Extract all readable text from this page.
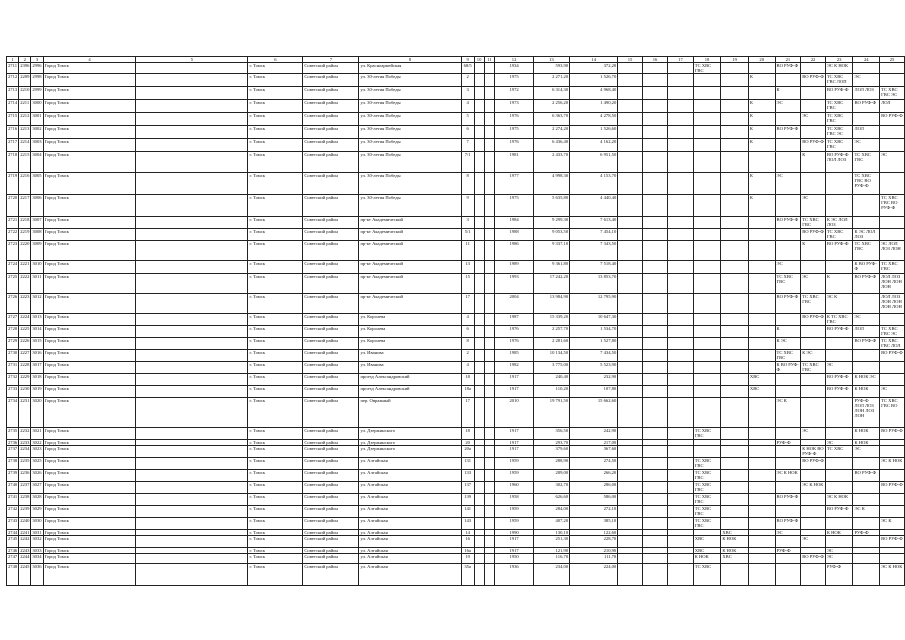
1	2	3	4	5	6	7	8	9	10	11	12	13	14	15	16	17	18	19	20	21	22	23	24	25
2711	2396	2996	Город Томск		г. Томск	Советский район	ул. Красноармейская	68/5			1934	593,90	372,20				ТС ХВС ГВС			ВО РУФ-Ф		ЭС К НОК		
2712	2209	2998	Город Томск		г. Томск	Советский район	ул. 30-летия Победы	2			1975	2 271,20	1 526,70						К		ВО РУФ-Ф	ТС ХВС ГВС ЛОП	ЭС	
2713	2210	2999	Город Томск		г. Томск	Советский район	ул. 30-летия Победы	3			1972	6 314,30	4 968,40							К		ВО РУФ-Ф	ЛОЛ ЛОЗ	ТС ХВС ГВС ЭС
2714	2211	3000	Город Томск		г. Томск	Советский район	ул. 30-летия Победы	4			1973	2 256,20	1 490,20						К	ЭС		ТС ХВС ГВС	ВО РУФ-Ф	ЛОЛ
2715	2212	3001	Город Томск		г. Томск	Советский район	ул. 30-летия Победы	5			1976	6 363,70	4 278,50						К		ЭС	ТС ХВС ГВС		ВО РУФ-Ф
2716	2213	3002	Город Томск		г. Томск	Советский район	ул. 30-летия Победы	6			1975	2 274,20	1 526,60						К	ВО РУФ-Ф		ТС ХВС ГВС ЭС	ЛОЛ	
2717	2214	3003	Город Томск		г. Томск	Советский район	ул. 30-летия Победы	7			1976	6 436,40	4 162,20						К		ВО РУФ-Ф	ТС ХВС ГВС	ЭС	
2718	2215	3004	Город Томск		г. Томск	Советский район	ул. 30-летия Победы	7/1			1981	2 433,70	6 951,50								К	ВО РУФ-Ф ЛОЛ ЛОЗ	ТС ХВС ГВС	ЭС
2719	2216	3005	Город Томск		г. Томск	Советский район	ул. 30-летия Победы	8			1977	4 998,30	4 153,70						К	ЭС			ТС ХВС ГВС ВО РУФ-Ф	
2720	2217	3006	Город Томск		г. Томск	Советский район	ул. 30-летия Победы	9			1975	5 635,80	4 440,40						К		ЭС			ТС ХВС ГВС ВО РУФ-Ф
2721	2218	3007	Город Томск		г. Томск	Советский район	пр-кт Академический	3			1984	9 299,30	7 613,40							ВО РУФ-Ф	ТС ХВС ГВС	К ЭС ЛОЛ ЛОЗ		
2722	2219	3008	Город Томск		г. Томск	Советский район	пр-кт Академический	5/1			1988	9 053,50	7 454,10								ВО РУФ-Ф	ТС ХВС ГВС	К ЭС ЛОЛ ЛОЗ	
2723	2220	3009	Город Томск		г. Томск	Советский район	пр-кт Академический	11			1986	9 337,10	7 343,50								К	ВО РУФ-Ф	ТС ХВС ГВС	ЭС ЛОЛ ЛОЗ ЛОН
2724	2221	3010	Город Томск		г. Томск	Советский район	пр-кт Академический	13			1989	9 361,80	7 518,40							ЭС			К ВО РУФ-Ф	ТС ХВС ГВС
2725	2222	3011	Город Томск		г. Томск	Советский район	пр-кт Академический	15			1993	17 242,20	13 853,70							ТС ХВС ГВС	ЭС	К	ВО РУФ-Ф	ЛОЛ ЛОЗ ЛОН ЛОН ЛОН
2726	2223	3012	Город Томск		г. Томск	Советский район	пр-кт Академический	17			2004	13 984,90	12 795,90							ВО РУФ-Ф	ТС ХВС ГВС	ЭС К		ЛОЛ ЛОЗ ЛОН ЛОН ЛОН ЛОН
2727	2224	3013	Город Томск		г. Томск	Советский район	ул. Королева	4			1987	15 339,20	10 647,30								ВО РУФ-Ф	К ТС ХВС ГВС	ЭС	
2728	2225	3014	Город Томск		г. Томск	Советский район	ул. Королева	6			1976	2 257,70	1 534,70							К		ВО РУФ-Ф	ЛОЛ	ТС ХВС ГВС ЭС
2729	2226	3015	Город Томск		г. Томск	Советский район	ул. Королева	8			1976	2 281,60	1 527,80							К ЭС			ВО РУФ-Ф	ТС ХВС ГВС ЛОЛ
2730	2227	3016	Город Томск		г. Томск	Советский район	ул. Иванова	2			1985	10 134,50	7 434,50							ТС ХВС ГВС	К ЭС			ВО РУФ-Ф
2731	2228	3017	Город Томск		г. Томск	Советский район	ул. Иванова	4			1982	3 775,00	5 523,90							К ВО РУФ-Ф	ТС ХВС ГВС	ЭС		
2732	2229	3018	Город Томск		г. Томск	Советский район	проезд Александровский	18			1917	240,40	232,90						ХВС			ВО РУФ-Ф	К НОК ЭС	
2733	2230	3019	Город Томск		г. Томск	Советский район	проезд Александровский	18а			1917	110,20	107,80						ХВС			ВО РУФ-Ф	К НОК	ЭС
2734	2231	3020	Город Томск		г. Томск	Советский район	пер. Овражный	17			2010	19 791,50	15 662,60							ЭС К			РУФ-Ф ЛОЛ ЛОЗ ЛОН ЛОЗ ЛОН	ТС ХВС ГВС ВО
2735	2232	3021	Город Томск		г. Томск	Советский район	ул. Дзержинского	18			1917	356,50	242,90				ТС ХВС ГВС				ЭС		К НОК	ВО РУФ-Ф
2736	2233	3022	Город Томск		г. Томск	Советский район	ул. Дзержинского	20			1917	293,70	217,00							РУФ-Ф		ЭС	К НОК	
2737	2234	3023	Город Томск		г. Томск	Советский район	ул. Дзержинского	20а			1917	379,60	367,60								К НОК ВО РУФ-Ф	ТС ХВС	ЭС	
2738	2235	3025	Город Томск		г. Томск	Советский район	ул. Алтайская	131			1959	288,90	274,50				ТС ХВС ГВС				ВО РУФ-Ф			ЭС К НОК
2739	2236	3026	Город Томск		г. Томск	Советский район	ул. Алтайская	133			1959	289,00	266,20				ТС ХВС ГВС			ЭС К НОК			ВО РУФ-Ф	
2740	2237	3027	Город Томск		г. Томск	Советский район	ул. Алтайская	137			1960	302,70	286,00				ТС ХВС ГВС				ЭС К НОК			ВО РУФ-Ф
2741	2238	3028	Город Томск		г. Томск	Советский район	ул. Алтайская	139			1958	626,60	586,00				ТС ХВС ГВС			ВО РУФ-Ф		ЭС К НОК		
2742	2239	3029	Город Томск		г. Томск	Советский район	ул. Алтайская	141			1959	284,00	272,10				ТС ХВС ГВС					ВО РУФ-Ф	ЭС К	
2743	2240	3030	Город Томск		г. Томск	Советский район	ул. Алтайская	143			1959	407,20	385,10				ТС ХВС ГВС			ВО РУФ-Ф				ЭС К
2744	2241	3031	Город Томск		г. Томск	Советский район	ул. Алтайская	14			1990	130,10	122,60					ХВС		ЭС		К НОК	РУФ-Ф	
2745	2242	3032	Город Томск		г. Томск	Советский район	ул. Алтайская	16			1917	251,30	228,70				ХВС	К НОК			ЭС			ВО РУФ-Ф
2746	2243	3033	Город Томск		г. Томск	Советский район	ул. Алтайская	16а			1917	121,90	210,90				ХВС	К НОК		РУФ-Ф		ЭС		
2747	2244	3034	Город Томск		г. Томск	Советский район	ул. Алтайская	19			1950	116,70	111,70				К НОК	ХВС			ВО РУФ-Ф	ЭС		
2748	2245	3036	Город Томск		г. Томск	Советский район	ул. Алтайская	35а			1936	234,00	224,00				ТС ХВС					РУФ-Ф		ЭС К НОК
